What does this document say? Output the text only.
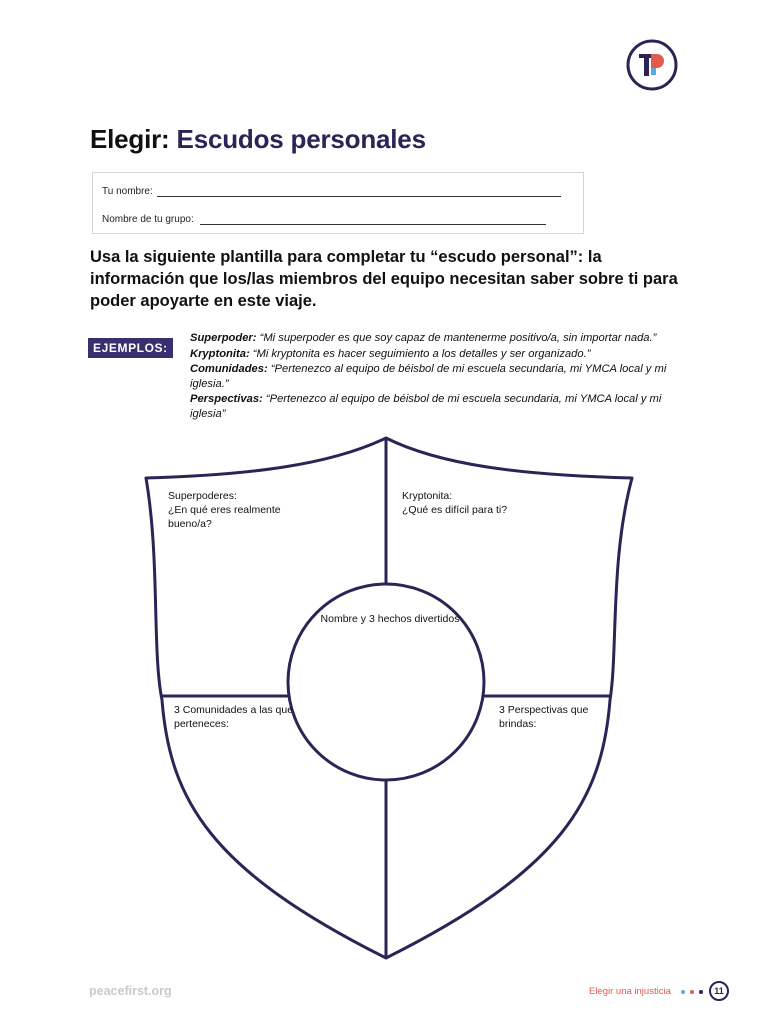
Elegir: Escudos personales
Tu nombre:
Nombre de tu grupo:

Usa la siguiente plantilla para completar tu “escudo personal”: la información que los/las miembros del equipo necesitan saber sobre ti para poder apoyarte en este viaje.

EJEMPLOS:

Superpoder: “Mi superpoder es que soy capaz de mantenerme positivo/a, sin importar nada.”

Kryptonita: “Mi kryptonita es hacer seguimiento a los detalles y ser organizado.”

Comunidades: “Pertenezco al equipo de béisbol de mi escuela secundaria, mi YMCA local y mi iglesia.”

Perspectivas: “Pertenezco al equipo de béisbol de mi escuela secundaria, mi YMCA local y mi iglesia”

Superpoderes:
¿En qué eres realmente bueno/a?
Kryptonita:
¿Qué es difícil para ti?
Nombre y 3 hechos divertidos
3 Comunidades a las que perteneces:
3 Perspectivas que brindas:
peacefirst.org	Elegir una injusticia	11
